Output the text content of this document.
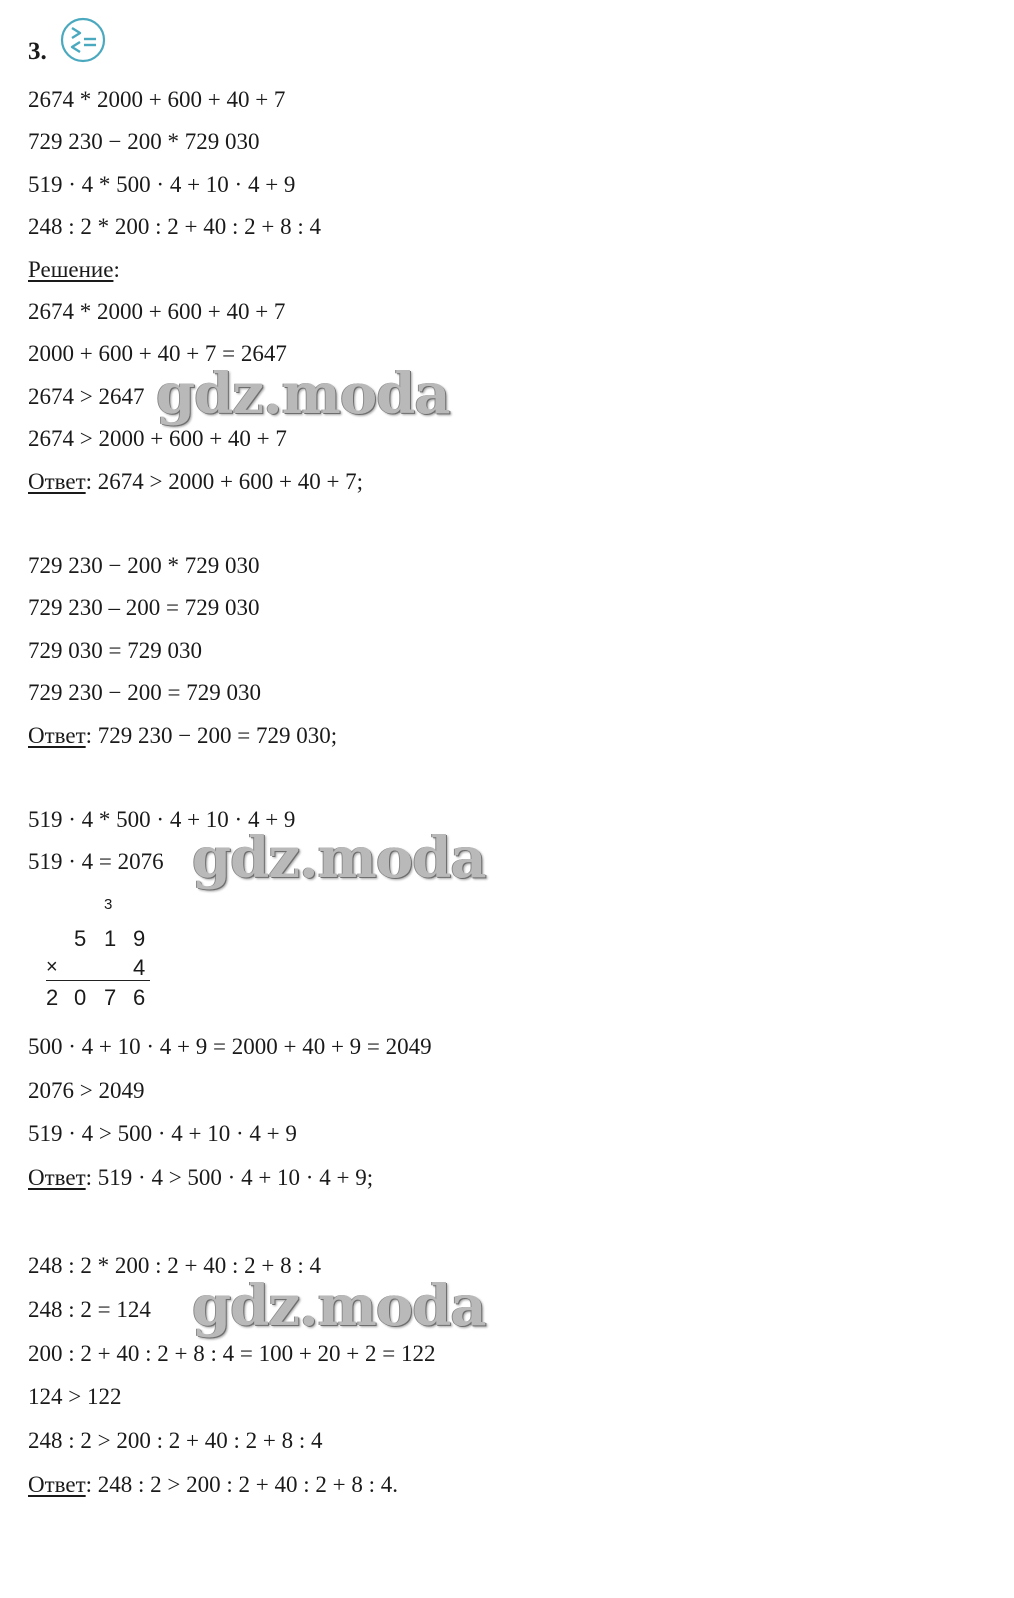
3.
2674 * 2000 + 600 + 40 + 7
729 230 − 200 * 729 030
519 · 4 * 500 · 4 + 10 · 4 + 9
248 : 2 * 200 : 2 + 40 : 2 + 8 : 4
Решение:
2674 * 2000 + 600 + 40 + 7
2000 + 600 + 40 + 7 = 2647
2674 > 2647
2674 > 2000 + 600 + 40 + 7
Ответ: 2674 > 2000 + 600 + 40 + 7;
729 230 − 200 * 729 030
729 230 – 200 = 729 030
729 030 = 729 030
729 230 − 200 = 729 030
Ответ: 729 230 − 200 = 729 030;
519 · 4 * 500 · 4 + 10 · 4 + 9
519 · 4 = 2076
3
5 1 9
×	4
2 0 7 6
500 · 4 + 10 · 4 + 9 = 2000 + 40 + 9 = 2049
2076 > 2049
519 · 4 > 500 · 4 + 10 · 4 + 9
Ответ: 519 · 4 > 500 · 4 + 10 · 4 + 9;
248 : 2 * 200 : 2 + 40 : 2 + 8 : 4
248 : 2 = 124
200 : 2 + 40 : 2 + 8 : 4 = 100 + 20 + 2 = 122
124 > 122
248 : 2 > 200 : 2 + 40 : 2 + 8 : 4
Ответ: 248 : 2 > 200 : 2 + 40 : 2 + 8 : 4.
gdz.moda
gdz.moda
gdz.moda
